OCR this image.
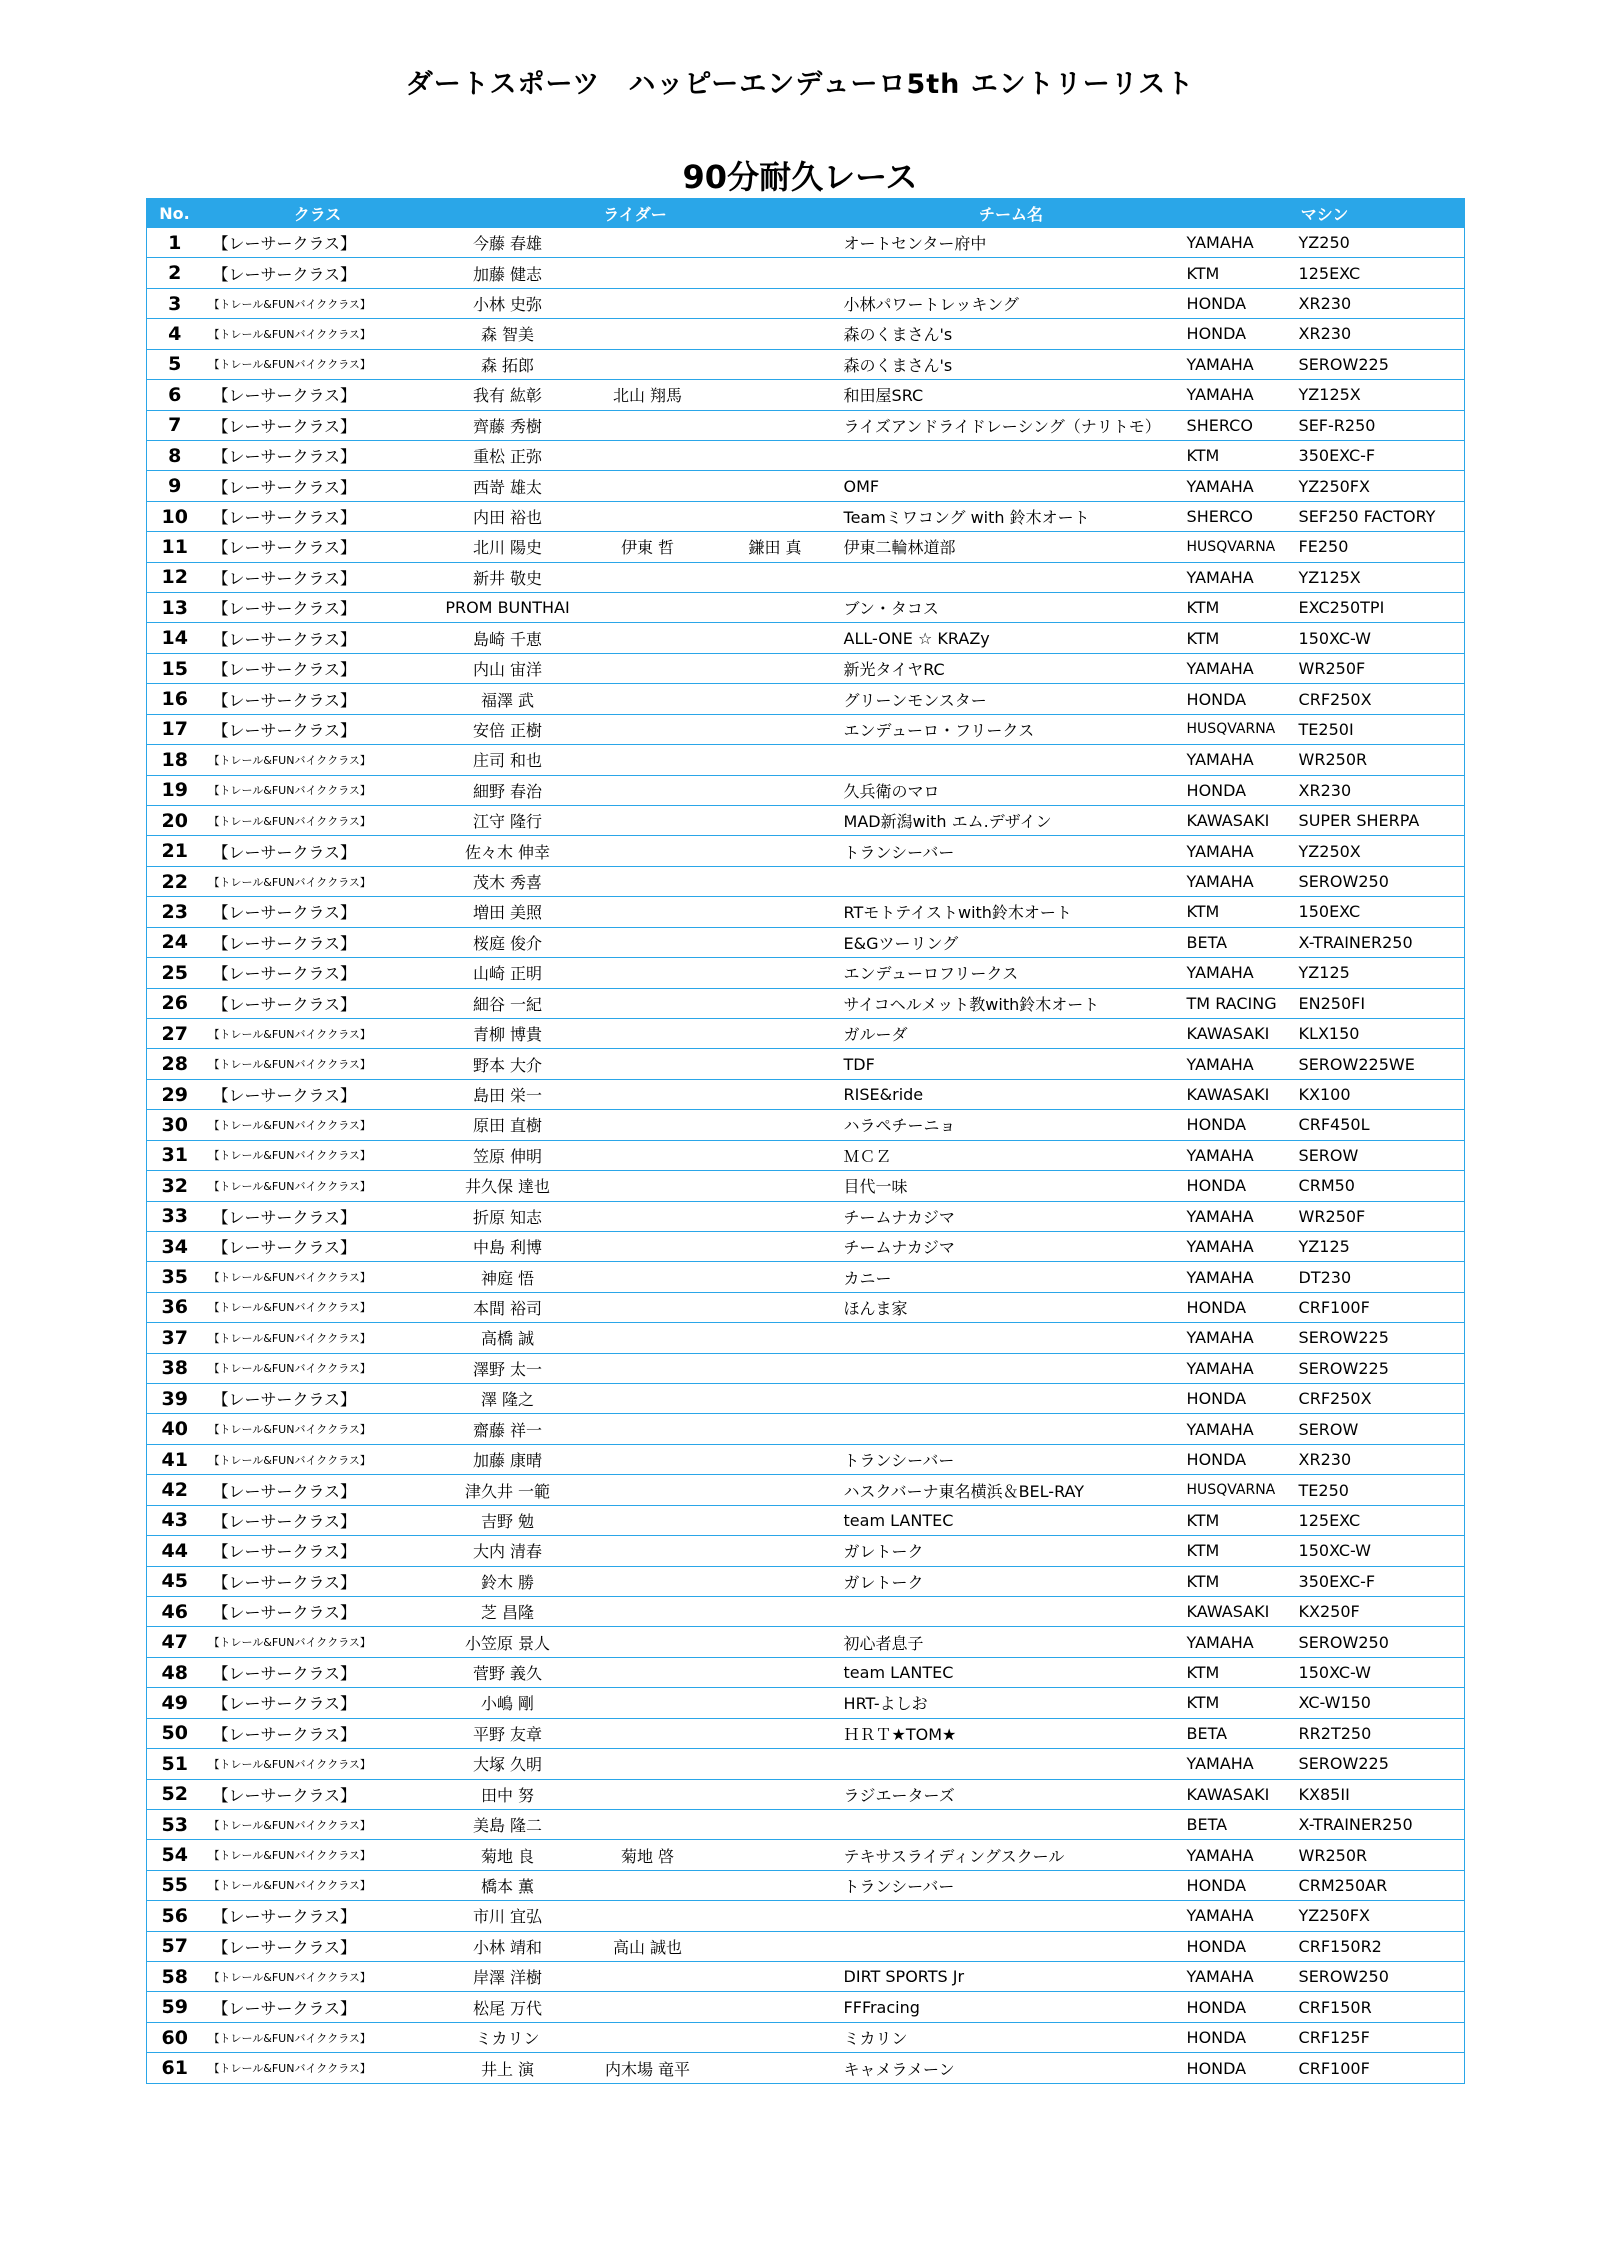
ダートスポーツ　ハッピーエンデューロ5th エントリーリスト
90分耐久レース
No.	クラス	ライダー			チーム名	マシン	
1	【レーサークラス】	今藤 春雄			オートセンター府中	YAMAHA	YZ250
2	【レーサークラス】	加藤 健志				KTM	125EXC
3	【トレール&FUNバイククラス】	小林 史弥			小林パワートレッキング	HONDA	XR230
4	【トレール&FUNバイククラス】	森 智美			森のくまさん's	HONDA	XR230
5	【トレール&FUNバイククラス】	森 拓郎			森のくまさん's	YAMAHA	SEROW225
6	【レーサークラス】	我有 紘彰	北山 翔馬		和田屋SRC	YAMAHA	YZ125X
7	【レーサークラス】	齊藤 秀樹			ライズアンドライドレーシング（ナリトモ）	SHERCO	SEF-R250
8	【レーサークラス】	重松 正弥				KTM	350EXC-F
9	【レーサークラス】	西嵜 雄太			OMF	YAMAHA	YZ250FX
10	【レーサークラス】	内田 裕也			Teamミワコング with 鈴木オート	SHERCO	SEF250 FACTORY
11	【レーサークラス】	北川 陽史	伊東 哲	鎌田 真	伊東二輪林道部	HUSQVARNA	FE250
12	【レーサークラス】	新井 敬史				YAMAHA	YZ125X
13	【レーサークラス】	PROM BUNTHAI			ブン・タコス	KTM	EXC250TPI
14	【レーサークラス】	島崎 千恵			ALL-ONE ☆ KRAZy	KTM	150XC-W
15	【レーサークラス】	内山 宙洋			新光タイヤRC	YAMAHA	WR250F
16	【レーサークラス】	福澤 武			グリーンモンスター	HONDA	CRF250X
17	【レーサークラス】	安倍 正樹			エンデューロ・フリークス	HUSQVARNA	TE250I
18	【トレール&FUNバイククラス】	庄司 和也				YAMAHA	WR250R
19	【トレール&FUNバイククラス】	細野 春治			久兵衛のマロ	HONDA	XR230
20	【トレール&FUNバイククラス】	江守 隆行			MAD新潟with エム.デザイン	KAWASAKI	SUPER SHERPA
21	【レーサークラス】	佐々木 伸幸			トランシーバー	YAMAHA	YZ250X
22	【トレール&FUNバイククラス】	茂木 秀喜				YAMAHA	SEROW250
23	【レーサークラス】	増田 美照			RTモトテイストwith鈴木オート	KTM	150EXC
24	【レーサークラス】	桜庭 俊介			E&Gツーリング	BETA	X-TRAINER250
25	【レーサークラス】	山崎 正明			エンデューロフリークス	YAMAHA	YZ125
26	【レーサークラス】	細谷 一紀			サイコヘルメット教with鈴木オート	TM RACING	EN250FI
27	【トレール&FUNバイククラス】	青柳 博貴			ガルーダ	KAWASAKI	KLX150
28	【トレール&FUNバイククラス】	野本 大介			TDF	YAMAHA	SEROW225WE
29	【レーサークラス】	島田 栄一			RISE&ride	KAWASAKI	KX100
30	【トレール&FUNバイククラス】	原田 直樹			ハラペチーニョ	HONDA	CRF450L
31	【トレール&FUNバイククラス】	笠原 伸明			ＭＣＺ	YAMAHA	SEROW
32	【トレール&FUNバイククラス】	井久保 達也			目代一味	HONDA	CRM50
33	【レーサークラス】	折原 知志			チームナカジマ	YAMAHA	WR250F
34	【レーサークラス】	中島 利博			チームナカジマ	YAMAHA	YZ125
35	【トレール&FUNバイククラス】	神庭 悟			カニー	YAMAHA	DT230
36	【トレール&FUNバイククラス】	本間 裕司			ほんま家	HONDA	CRF100F
37	【トレール&FUNバイククラス】	高橋 誠				YAMAHA	SEROW225
38	【トレール&FUNバイククラス】	澤野 太一				YAMAHA	SEROW225
39	【レーサークラス】	澤 隆之				HONDA	CRF250X
40	【トレール&FUNバイククラス】	齋藤 祥一				YAMAHA	SEROW
41	【トレール&FUNバイククラス】	加藤 康晴			トランシーバー	HONDA	XR230
42	【レーサークラス】	津久井 一範			ハスクバーナ東名横浜＆BEL-RAY	HUSQVARNA	TE250
43	【レーサークラス】	吉野 勉			team LANTEC	KTM	125EXC
44	【レーサークラス】	大内 清春			ガレトーク	KTM	150XC-W
45	【レーサークラス】	鈴木 勝			ガレトーク	KTM	350EXC-F
46	【レーサークラス】	芝 昌隆				KAWASAKI	KX250F
47	【トレール&FUNバイククラス】	小笠原 景人			初心者息子	YAMAHA	SEROW250
48	【レーサークラス】	菅野 義久			team LANTEC	KTM	150XC-W
49	【レーサークラス】	小嶋 剛			HRT-よしお	KTM	XC-W150
50	【レーサークラス】	平野 友章			ＨＲＴ★TOM★	BETA	RR2T250
51	【トレール&FUNバイククラス】	大塚 久明				YAMAHA	SEROW225
52	【レーサークラス】	田中 努			ラジエーターズ	KAWASAKI	KX85II
53	【トレール&FUNバイククラス】	美島 隆二				BETA	X-TRAINER250
54	【トレール&FUNバイククラス】	菊地 良	菊地 啓		テキサスライディングスクール	YAMAHA	WR250R
55	【トレール&FUNバイククラス】	橋本 薫			トランシーバー	HONDA	CRM250AR
56	【レーサークラス】	市川 宜弘				YAMAHA	YZ250FX
57	【レーサークラス】	小林 靖和	高山 誠也			HONDA	CRF150R2
58	【トレール&FUNバイククラス】	岸澤 洋樹			DIRT SPORTS Jr	YAMAHA	SEROW250
59	【レーサークラス】	松尾 万代			FFFracing	HONDA	CRF150R
60	【トレール&FUNバイククラス】	ミカリン			ミカリン	HONDA	CRF125F
61	【トレール&FUNバイククラス】	井上 演	内木場 竜平		キャメラメーン	HONDA	CRF100F
